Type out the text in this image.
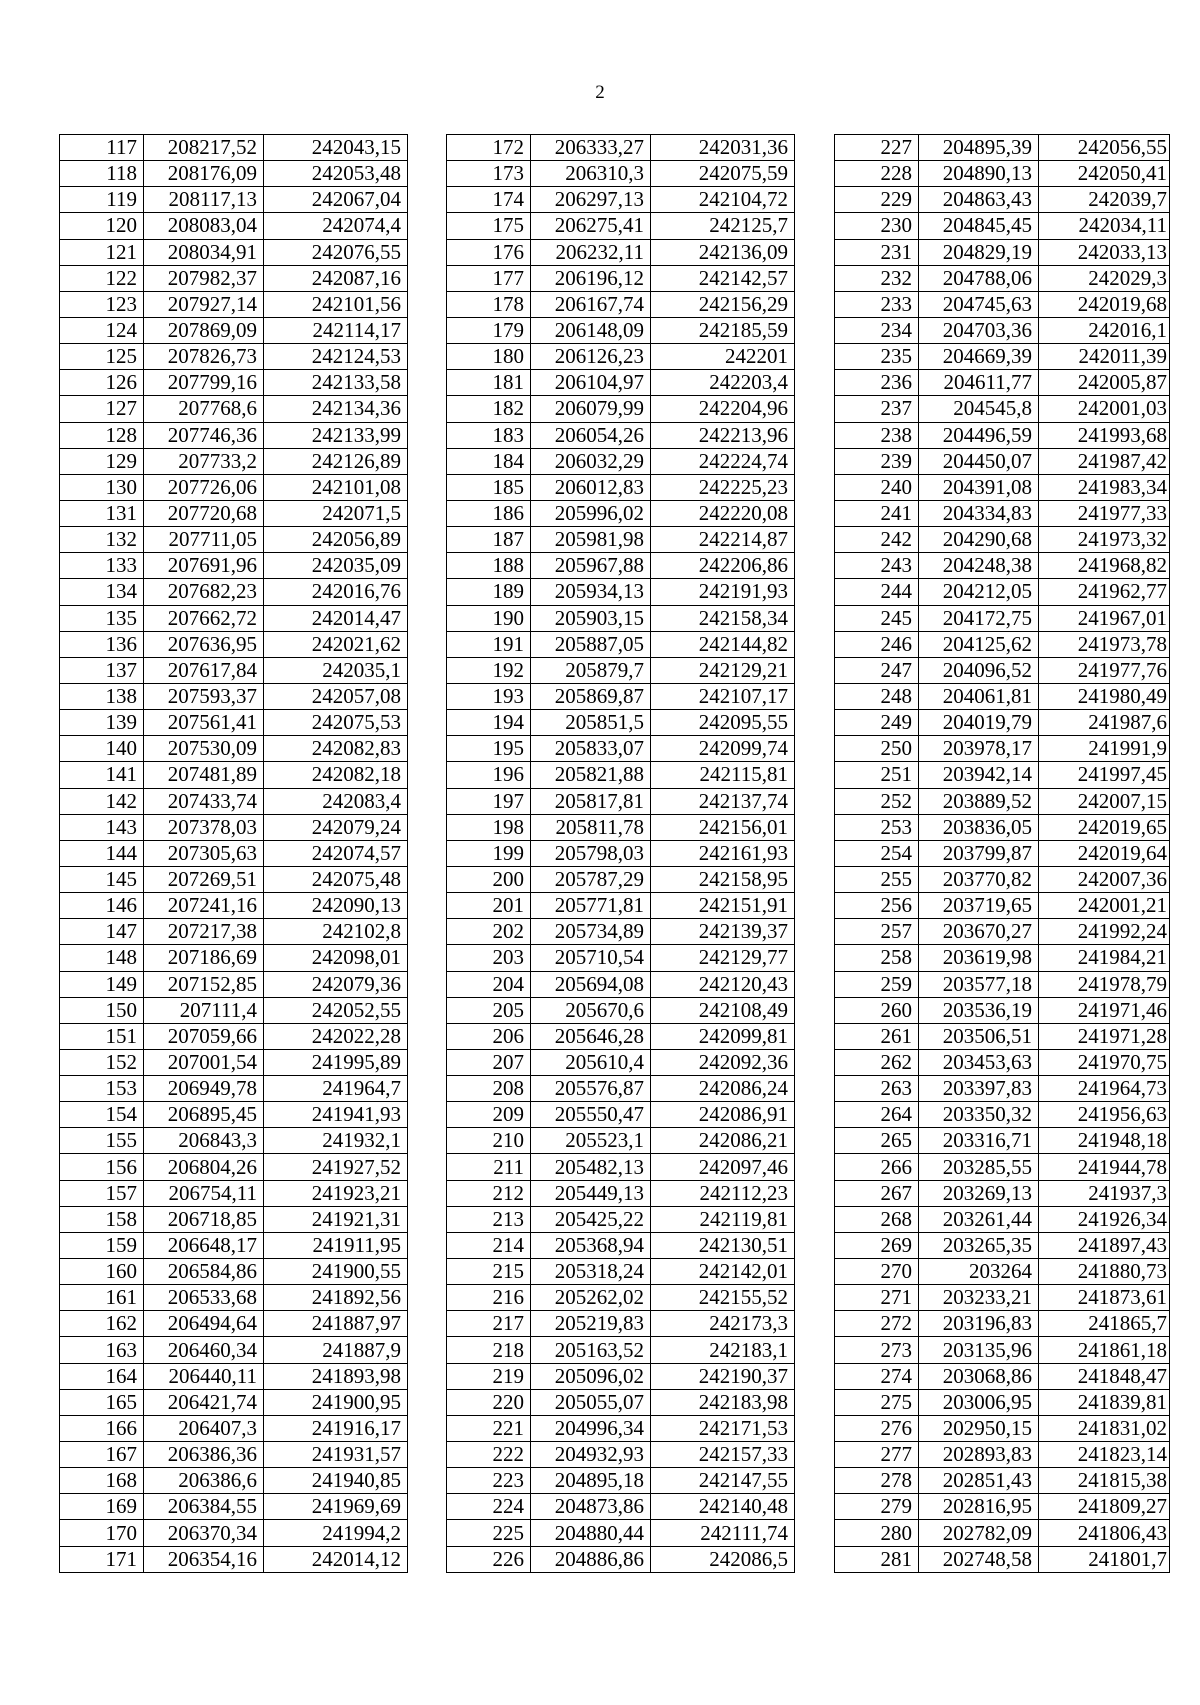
2
117	208217,52	242043,15
118	208176,09	242053,48
119	208117,13	242067,04
120	208083,04	242074,4
121	208034,91	242076,55
122	207982,37	242087,16
123	207927,14	242101,56
124	207869,09	242114,17
125	207826,73	242124,53
126	207799,16	242133,58
127	207768,6	242134,36
128	207746,36	242133,99
129	207733,2	242126,89
130	207726,06	242101,08
131	207720,68	242071,5
132	207711,05	242056,89
133	207691,96	242035,09
134	207682,23	242016,76
135	207662,72	242014,47
136	207636,95	242021,62
137	207617,84	242035,1
138	207593,37	242057,08
139	207561,41	242075,53
140	207530,09	242082,83
141	207481,89	242082,18
142	207433,74	242083,4
143	207378,03	242079,24
144	207305,63	242074,57
145	207269,51	242075,48
146	207241,16	242090,13
147	207217,38	242102,8
148	207186,69	242098,01
149	207152,85	242079,36
150	207111,4	242052,55
151	207059,66	242022,28
152	207001,54	241995,89
153	206949,78	241964,7
154	206895,45	241941,93
155	206843,3	241932,1
156	206804,26	241927,52
157	206754,11	241923,21
158	206718,85	241921,31
159	206648,17	241911,95
160	206584,86	241900,55
161	206533,68	241892,56
162	206494,64	241887,97
163	206460,34	241887,9
164	206440,11	241893,98
165	206421,74	241900,95
166	206407,3	241916,17
167	206386,36	241931,57
168	206386,6	241940,85
169	206384,55	241969,69
170	206370,34	241994,2
171	206354,16	242014,12
172	206333,27	242031,36
173	206310,3	242075,59
174	206297,13	242104,72
175	206275,41	242125,7
176	206232,11	242136,09
177	206196,12	242142,57
178	206167,74	242156,29
179	206148,09	242185,59
180	206126,23	242201
181	206104,97	242203,4
182	206079,99	242204,96
183	206054,26	242213,96
184	206032,29	242224,74
185	206012,83	242225,23
186	205996,02	242220,08
187	205981,98	242214,87
188	205967,88	242206,86
189	205934,13	242191,93
190	205903,15	242158,34
191	205887,05	242144,82
192	205879,7	242129,21
193	205869,87	242107,17
194	205851,5	242095,55
195	205833,07	242099,74
196	205821,88	242115,81
197	205817,81	242137,74
198	205811,78	242156,01
199	205798,03	242161,93
200	205787,29	242158,95
201	205771,81	242151,91
202	205734,89	242139,37
203	205710,54	242129,77
204	205694,08	242120,43
205	205670,6	242108,49
206	205646,28	242099,81
207	205610,4	242092,36
208	205576,87	242086,24
209	205550,47	242086,91
210	205523,1	242086,21
211	205482,13	242097,46
212	205449,13	242112,23
213	205425,22	242119,81
214	205368,94	242130,51
215	205318,24	242142,01
216	205262,02	242155,52
217	205219,83	242173,3
218	205163,52	242183,1
219	205096,02	242190,37
220	205055,07	242183,98
221	204996,34	242171,53
222	204932,93	242157,33
223	204895,18	242147,55
224	204873,86	242140,48
225	204880,44	242111,74
226	204886,86	242086,5
227	204895,39	242056,55
228	204890,13	242050,41
229	204863,43	242039,7
230	204845,45	242034,11
231	204829,19	242033,13
232	204788,06	242029,3
233	204745,63	242019,68
234	204703,36	242016,1
235	204669,39	242011,39
236	204611,77	242005,87
237	204545,8	242001,03
238	204496,59	241993,68
239	204450,07	241987,42
240	204391,08	241983,34
241	204334,83	241977,33
242	204290,68	241973,32
243	204248,38	241968,82
244	204212,05	241962,77
245	204172,75	241967,01
246	204125,62	241973,78
247	204096,52	241977,76
248	204061,81	241980,49
249	204019,79	241987,6
250	203978,17	241991,9
251	203942,14	241997,45
252	203889,52	242007,15
253	203836,05	242019,65
254	203799,87	242019,64
255	203770,82	242007,36
256	203719,65	242001,21
257	203670,27	241992,24
258	203619,98	241984,21
259	203577,18	241978,79
260	203536,19	241971,46
261	203506,51	241971,28
262	203453,63	241970,75
263	203397,83	241964,73
264	203350,32	241956,63
265	203316,71	241948,18
266	203285,55	241944,78
267	203269,13	241937,3
268	203261,44	241926,34
269	203265,35	241897,43
270	203264	241880,73
271	203233,21	241873,61
272	203196,83	241865,7
273	203135,96	241861,18
274	203068,86	241848,47
275	203006,95	241839,81
276	202950,15	241831,02
277	202893,83	241823,14
278	202851,43	241815,38
279	202816,95	241809,27
280	202782,09	241806,43
281	202748,58	241801,7
